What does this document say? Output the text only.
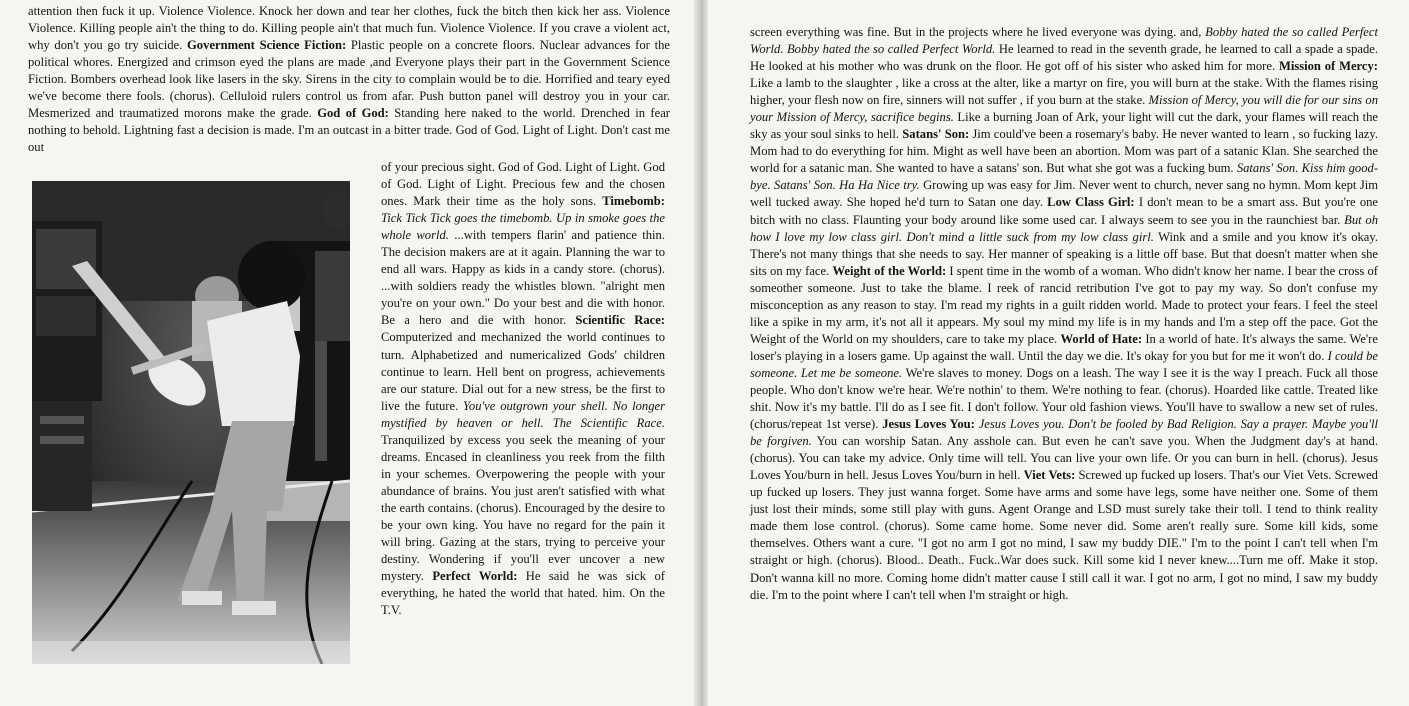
attention then fuck it up. Violence Violence. Knock her down and tear her clothes, fuck the bitch then kick her ass. Violence Violence. Killing people ain't the thing to do. Killing people ain't that much fun. Violence Violence. If you crave a violent act, why don't you go try suicide. Government Science Fiction: Plastic people on a concrete floors. Nuclear advances for the political whores. Energized and crimson eyed the plans are made ,and Everyone plays their part in the Government Science Fiction. Bombers overhead look like lasers in the sky. Sirens in the city to complain would be to die. Horrified and teary eyed we've become there fools. (chorus). Celluloid rulers control us from afar. Push button panel will destroy you in your car. Mesmerized and traumatized morons make the grade. God of God: Standing here naked to the world. Drenched in fear nothing to behold. Lightning fast a decision is made. I'm an outcast in a bitter trade. God of God. Light of Light. Don't cast me out
of your precious sight. God of God. Light of Light. God of God. Light of Light. Precious few and the chosen ones. Mark their time as the holy sons. Timebomb: Tick Tick Tick goes the timebomb. Up in smoke goes the whole world. ...with tempers flarin' and patience thin. The decision makers are at it again. Planning the war to end all wars. Happy as kids in a candy store. (chorus). ...with soldiers ready the whistles blown. "alright men you're on your own." Do your best and die with honor. Be a hero and die with honor. Scientific Race: Computerized and mechanized the world continues to turn. Alphabetized and numericalized Gods' children continue to learn. Hell bent on progress, achievements are our stature. Dial out for a new stress, be the first to live the future. You've outgrown your shell. No longer mystified by heaven or hell. The Scientific Race. Tranquilized by excess you seek the meaning of your dreams. Encased in cleanliness you reek from the filth in your schemes. Overpowering the people with your abundance of brains. You just aren't satisfied with what the earth contains. (chorus). Encouraged by the desire to be your own king. You have no regard for the pain it will bring. Gazing at the stars, trying to perceive your destiny. Wondering if you'll ever uncover a new mystery. Perfect World: He said he was sick of everything, he hated the world that hated. him. On the T.V.
screen everything was fine. But in the projects where he lived everyone was dying. and, Bobby hated the so called Perfect World. Bobby hated the so called Perfect World. He learned to read in the seventh grade, he learned to call a spade a spade. He looked at his mother who was drunk on the floor. He got off of his sister who asked him for more. Mission of Mercy: Like a lamb to the slaughter , like a cross at the alter, like a martyr on fire, you will burn at the stake. With the flames rising higher, your flesh now on fire, sinners will not suffer , if you burn at the stake. Mission of Mercy, you will die for our sins on your Mission of Mercy, sacrifice begins. Like a burning Joan of Ark, your light will cut the dark, your flames will reach the sky as your soul sinks to hell. Satans' Son: Jim could've been a rosemary's baby. He never wanted to learn , so fucking lazy. Mom had to do everything for him. Might as well have been an abortion. Mom was part of a satanic Klan. She searched the world for a satanic man. She wanted to have a satans' son. But what she got was a fucking bum. Satans' Son. Kiss him good-bye. Satans' Son. Ha Ha Nice try. Growing up was easy for Jim. Never went to church, never sang no hymn. Mom kept Jim well tucked away. She hoped he'd turn to Satan one day. Low Class Girl: I don't mean to be a smart ass. But you're one bitch with no class. Flaunting your body around like some used car. I always seem to see you in the raunchiest bar. But oh how I love my low class girl. Don't mind a little suck from my low class girl. Wink and a smile and you know it's okay. There's not many things that she needs to say. Her manner of speaking is a little off base. But that doesn't matter when she sits on my face. Weight of the World: I spent time in the womb of a woman. Who didn't know her name. I bear the cross of someother someone. Just to take the blame. I reek of rancid retribution I've got to pay my way. So don't confuse my misconception as any reason to stay. I'm read my rights in a guilt ridden world. Made to protect your fears. I feel the steel like a spike in my arm, it's not all it appears. My soul my mind my life is in my hands and I'm a step off the pace. Got the Weight of the World on my shoulders, care to take my place. World of Hate: In a world of hate. It's always the same. We're loser's playing in a losers game. Up against the wall. Until the day we die. It's okay for you but for me it won't do. I could be someone. Let me be someone. We're slaves to money. Dogs on a leash. The way I see it is the way I preach. Fuck all those people. Who don't know we're hear. We're nothin' to them. We're nothing to fear. (chorus). Hoarded like cattle. Treated like shit. Now it's my battle. I'll do as I see fit. I don't follow. Your old fashion views. You'll have to swallow a new set of rules. (chorus/repeat 1st verse). Jesus Loves You: Jesus Loves you. Don't be fooled by Bad Religion. Say a prayer. Maybe you'll be forgiven. You can worship Satan. Any asshole can. But even he can't save you. When the Judgment day's at hand.(chorus). You can take my advice. Only time will tell. You can live your own life. Or you can burn in hell. (chorus). Jesus Loves You/burn in hell. Jesus Loves You/burn in hell. Viet Vets: Screwed up fucked up losers. That's our Viet Vets. Screwed up fucked up losers. They just wanna forget. Some have arms and some have legs, some have neither one. Some of them just lost their minds, some still play with guns. Agent Orange and LSD must surely take their toll. I tend to think reality made them lose control. (chorus). Some came home. Some never did. Some aren't really sure. Some kill kids, some themselves. Others want a cure. "I got no arm I got no mind, I saw my buddy DIE." I'm to the point I can't tell when I'm straight or high. (chorus). Blood.. Death.. Fuck..War does suck. Kill some kid I never knew....Turn me off. Make it stop. Don't wanna kill no more. Coming home didn't matter cause I still call it war. I got no arm, I got no mind, I saw my buddy die. I'm to the point where I can't tell when I'm straight or high.
